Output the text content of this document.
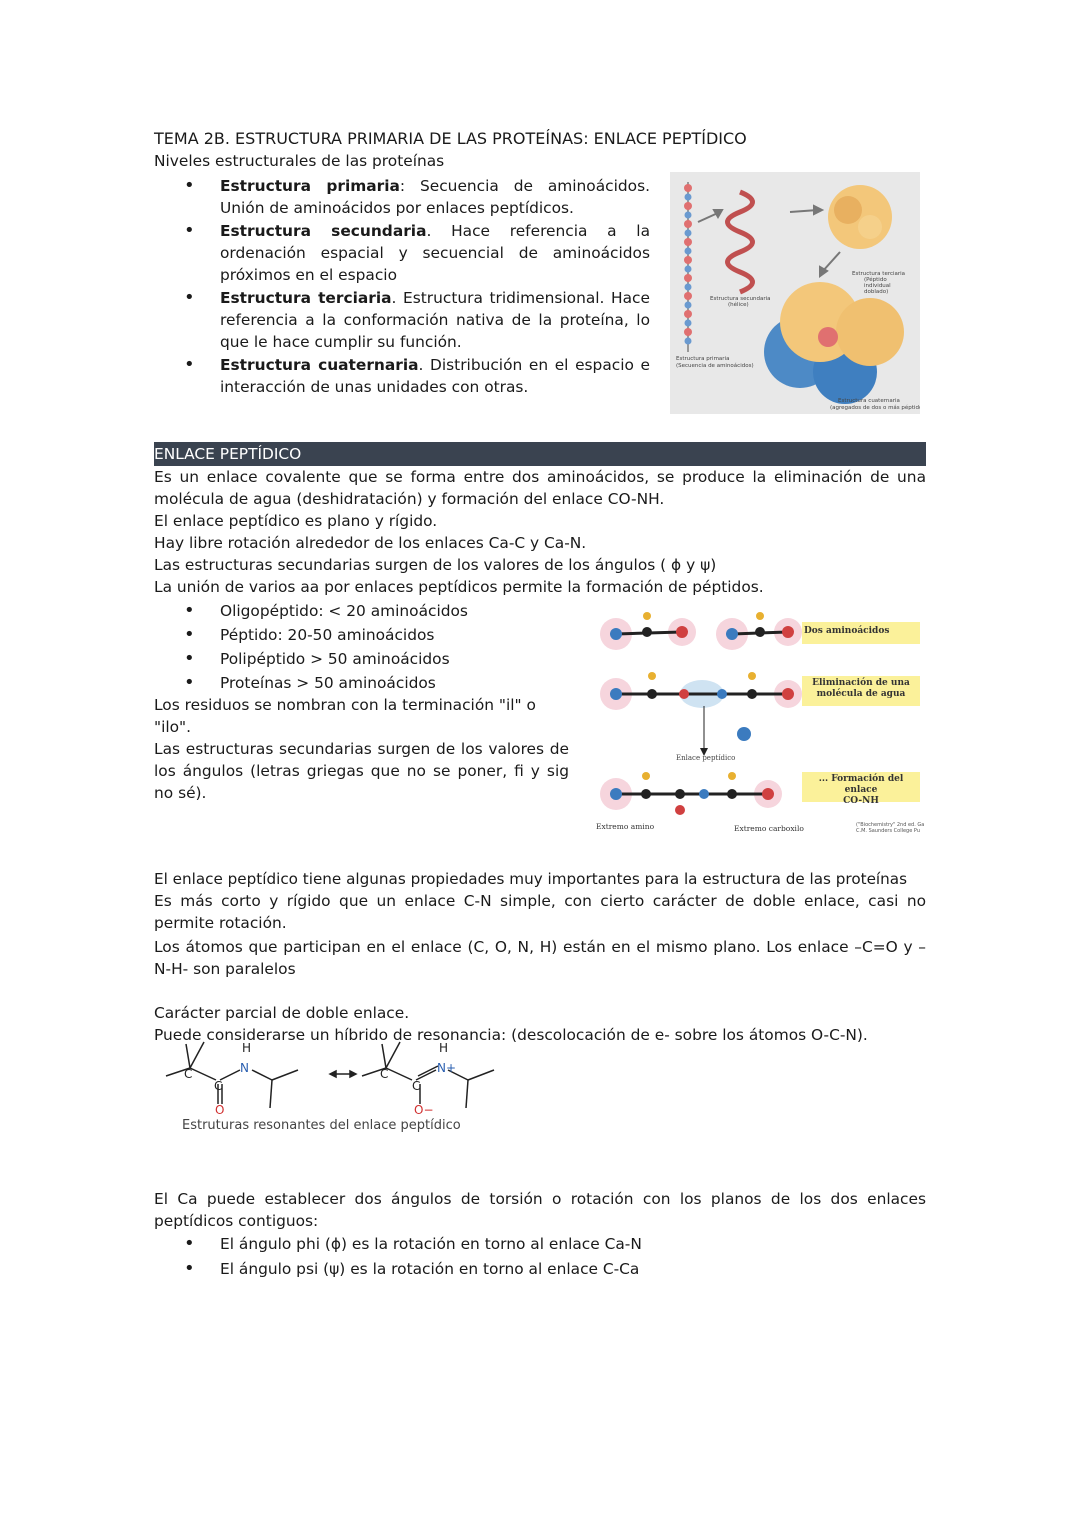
TEMA 2B. ESTRUCTURA PRIMARIA DE LAS PROTEÍNAS: ENLACE PEPTÍDICO

Niveles estructurales de las proteínas

• Estructura primaria: Secuencia de aminoácidos. Unión de aminoácidos por enlaces peptídicos.
• Estructura secundaria. Hace referencia a la ordenación espacial y secuencial de aminoácidos próximos en el espacio
• Estructura terciaria. Estructura tridimensional. Hace referencia a la conformación nativa de la proteína, lo que le hace cumplir su función.
• Estructura cuaternaria. Distribución en el espacio e interacción de unas unidades con otras.
ENLACE PEPTÍDICO

Es un enlace covalente que se forma entre dos aminoácidos, se produce la eliminación de una molécula de agua (deshidratación) y formación del enlace CO-NH.

El enlace peptídico es plano y rígido.

Hay libre rotación alrededor de los enlaces Ca-C y Ca-N.

Las estructuras secundarias surgen de los valores de los ángulos ( ϕ y ψ)

La unión de varios aa por enlaces peptídicos permite la formación de péptidos.

• Oligopéptido: < 20 aminoácidos
• Péptido: 20-50 aminoácidos
• Polipéptido > 50 aminoácidos
• Proteínas > 50 aminoácidos

Los residuos se nombran con la terminación "il" o "ilo".

Las estructuras secundarias surgen de los valores de los ángulos (letras griegas que no se poner, fi y sig no sé).

El enlace peptídico tiene algunas propiedades muy importantes para la estructura de las proteínas

Es más corto y rígido que un enlace C-N simple, con cierto carácter de doble enlace, casi no permite rotación.

Los átomos que participan en el enlace (C, O, N, H) están en el mismo plano. Los enlace –C=O y –N-H- son paralelos

Carácter parcial de doble enlace.

Puede considerarse un híbrido de resonancia: (descolocación de e- sobre los átomos O-C-N).

El Ca puede establecer dos ángulos de torsión o rotación con los planos de los dos enlaces peptídicos contiguos:

• El ángulo phi (ϕ) es la rotación en torno al enlace Ca-N
• El ángulo psi (ψ) es la rotación en torno al enlace C-Ca
Estructura terciaria (Péptido individual doblado)
Estructura secundaria (hélice)
Estructura primaria (Secuencia de aminoácidos)
Estructura cuaternaria (agregados de dos o más péptidos)
Dos aminoácidos
Eliminación de una
molécula de agua
... Formación del enlace
CO-NH
Enlace peptídico
Extremo amino	Extremo carboxilo	("Biochemistry" 2nd ed. Ga
C.M. Saunders College Pu
C
C
N
H
O
C
C
N+
H
O−
Estruturas resonantes del enlace peptídico
